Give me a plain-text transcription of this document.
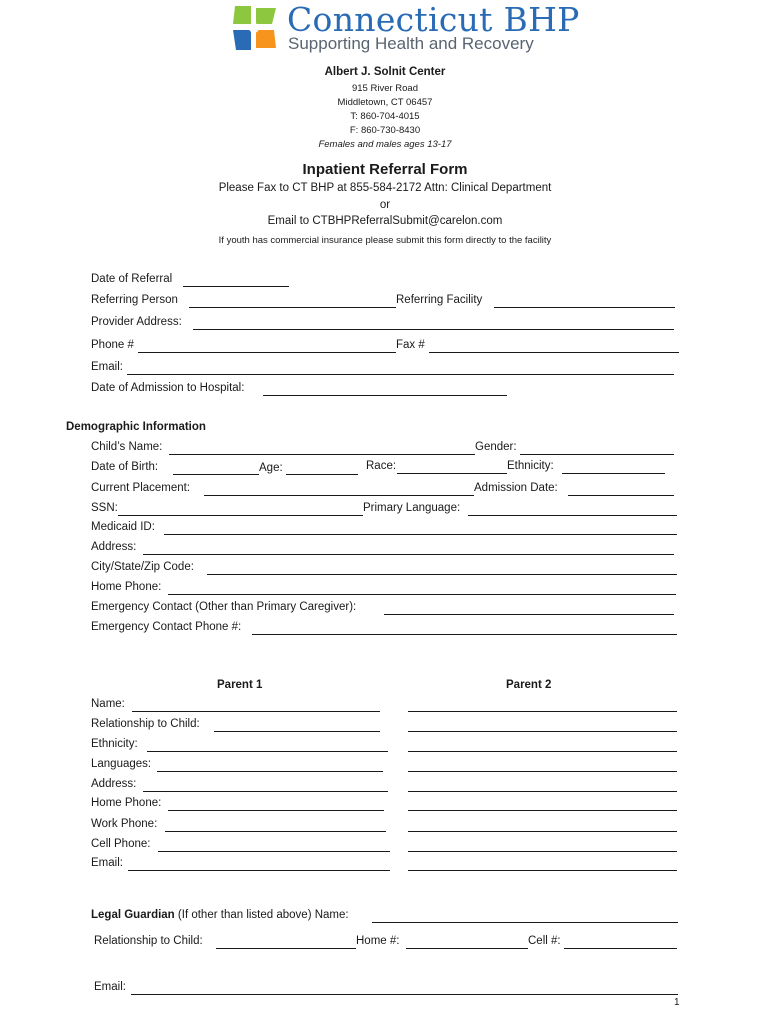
Connecticut BHP
Supporting Health and Recovery
Albert J. Solnit Center
915 River Road
Middletown, CT 06457
T: 860-704-4015
F: 860-730-8430
Females and males ages 13-17
Inpatient Referral Form
Please Fax to CT BHP at 855-584-2172 Attn: Clinical Department
or
Email to CTBHPReferralSubmit@carelon.com
If youth has commercial insurance please submit this form directly to the facility
Date of Referral
Referring Person	Referring Facility
Provider Address:
Phone #	Fax #
Email:
Date of Admission to Hospital:
Demographic Information
Child’s Name:	Gender:
Date of Birth:	Age:	Race:	Ethnicity:
Current Placement:	Admission Date:
SSN:	Primary Language:
Medicaid ID:
Address:
City/State/Zip Code:
Home Phone:
Emergency Contact (Other than Primary Caregiver):
Emergency Contact Phone #:
Parent 1	Parent 2
Name:
Relationship to Child:
Ethnicity:
Languages:
Address:
Home Phone:
Work Phone:
Cell Phone:
Email:
Legal Guardian (If other than listed above) Name:
Relationship to Child:	Home #:	Cell #:
Email:
1
